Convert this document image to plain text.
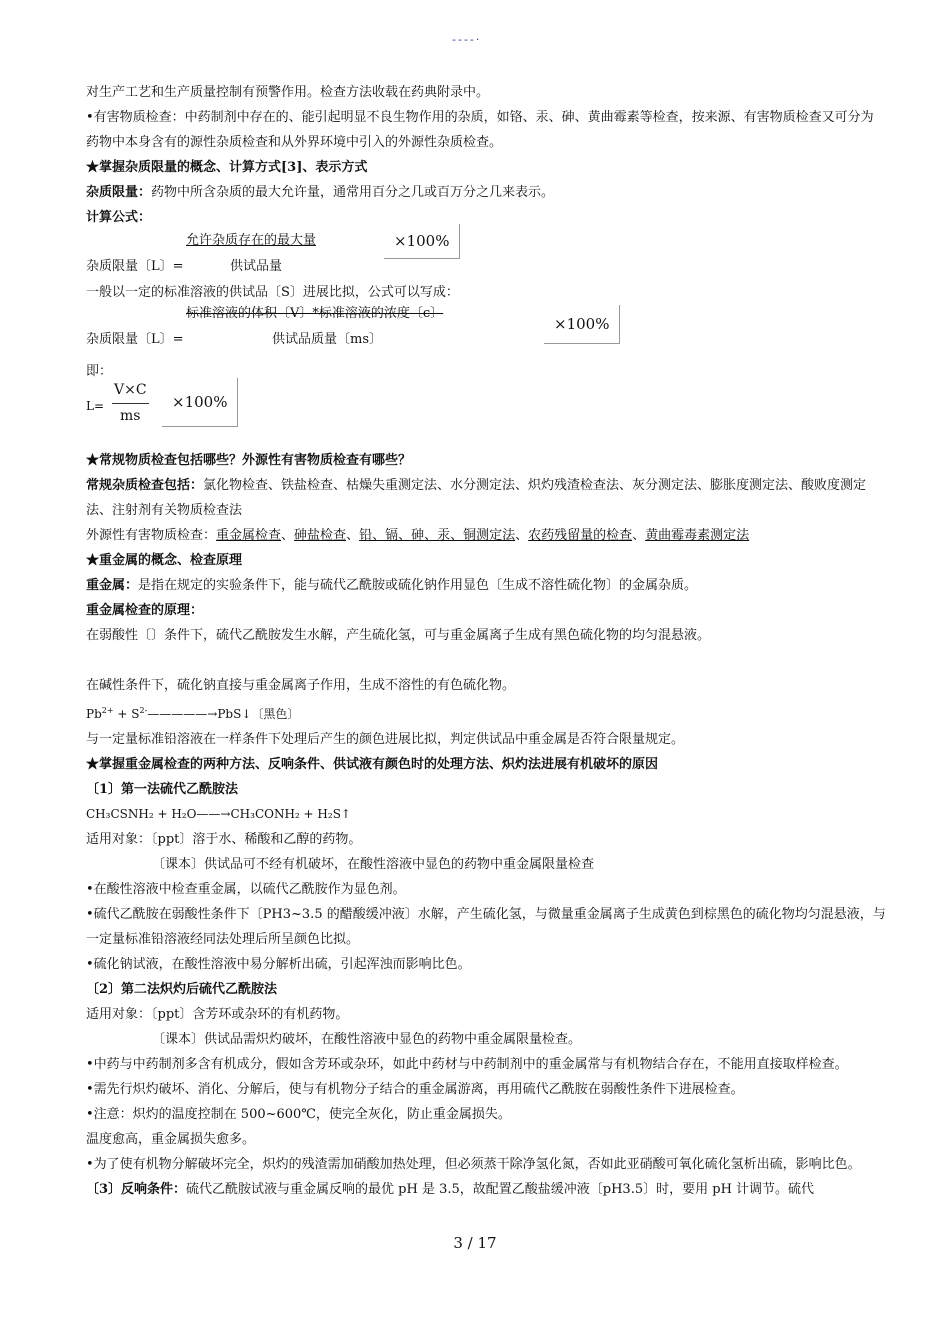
----·

对生产工艺和生产质量控制有预警作用。检查方法收载在药典附录中。

•有害物质检查：中药制剂中存在的、能引起明显不良生物作用的杂质，如铬、汞、砷、黄曲霉素等检查，按来源、有害物质检查又可分为药物中本身含有的源性杂质检查和从外界环境中引入的外源性杂质检查。

★掌握杂质限量的概念、计算方式[3]、表示方式

杂质限量：药物中所含杂质的最大允许量，通常用百分之几或百万分之几来表示。

计算公式：

允许杂质存在的最大量
杂质限量〔L〕=	供试品量
×100%

一般以一定的标准溶液的供试品〔S〕进展比拟，公式可以写成：

标准溶液的体积〔V〕*标准溶液的浓度〔c〕
杂质限量〔L〕=	供试品质量〔ms〕
×100%

即：

L=
V×C
ms
×100%

★常规物质检查包括哪些？外源性有害物质检查有哪些？

常规杂质检查包括：氯化物检查、铁盐检查、枯燥失重测定法、水分测定法、炽灼残渣检查法、灰分测定法、膨胀度测定法、酸败度测定法、注射剂有关物质检查法

外源性有害物质检查：重金属检查、砷盐检查、铅、镉、砷、汞、铜测定法、农药残留量的检查、黄曲霉毒素测定法

★重金属的概念、检查原理

重金属：是指在规定的实验条件下，能与硫代乙酰胺或硫化钠作用显色〔生成不溶性硫化物〕的金属杂质。

重金属检查的原理：

在弱酸性〔〕条件下，硫代乙酰胺发生水解，产生硫化氢，可与重金属离子生成有黑色硫化物的均匀混悬液。

在碱性条件下，硫化钠直接与重金属离子作用，生成不溶性的有色硫化物。

$Pb^{2+}$ + $S^{2-}—————\to PbS↓$〔黑色〕

与一定量标准铅溶液在一样条件下处理后产生的颜色进展比拟，判定供试品中重金属是否符合限量规定。

★掌握重金属检查的两种方法、反响条件、供试液有颜色时的处理方法、炽灼法进展有机破坏的原因

〔1〕第一法硫代乙酰胺法

CH₃CSNH₂ + H₂O——→CH₃CONH₂ + H₂S↑

适用对象：〔ppt〕溶于水、稀酸和乙醇的药物。

〔课本〕供试品可不经有机破坏，在酸性溶液中显色的药物中重金属限量检查

•在酸性溶液中检查重金属，以硫代乙酰胺作为显色剂。

•硫代乙酰胺在弱酸性条件下〔PH3~3.5 的醋酸缓冲液〕水解，产生硫化氢，与微量重金属离子生成黄色到棕黑色的硫化物均匀混悬液，与一定量标准铅溶液经同法处理后所呈颜色比拟。

•硫化钠试液，在酸性溶液中易分解析出硫，引起浑浊而影响比色。

〔2〕第二法炽灼后硫代乙酰胺法

适用对象：〔ppt〕含芳环或杂环的有机药物。

〔课本〕供试品需炽灼破坏，在酸性溶液中显色的药物中重金属限量检查。

•中药与中药制剂多含有机成分，假如含芳环或杂环，如此中药材与中药制剂中的重金属常与有机物结合存在，不能用直接取样检查。

•需先行炽灼破坏、消化、分解后，使与有机物分子结合的重金属游离，再用硫代乙酰胺在弱酸性条件下进展检查。

•注意：炽灼的温度控制在 500~600℃，使完全灰化，防止重金属损失。

温度愈高，重金属损失愈多。

•为了使有机物分解破坏完全，炽灼的残渣需加硝酸加热处理，但必须蒸干除净氢化氮，否如此亚硝酸可氧化硫化氢析出硫，影响比色。

〔3〕反响条件：硫代乙酰胺试液与重金属反响的最优 pH 是 3.5，故配置乙酸盐缓冲液〔pH3.5〕时，要用 pH 计调节。硫代

3 / 17
